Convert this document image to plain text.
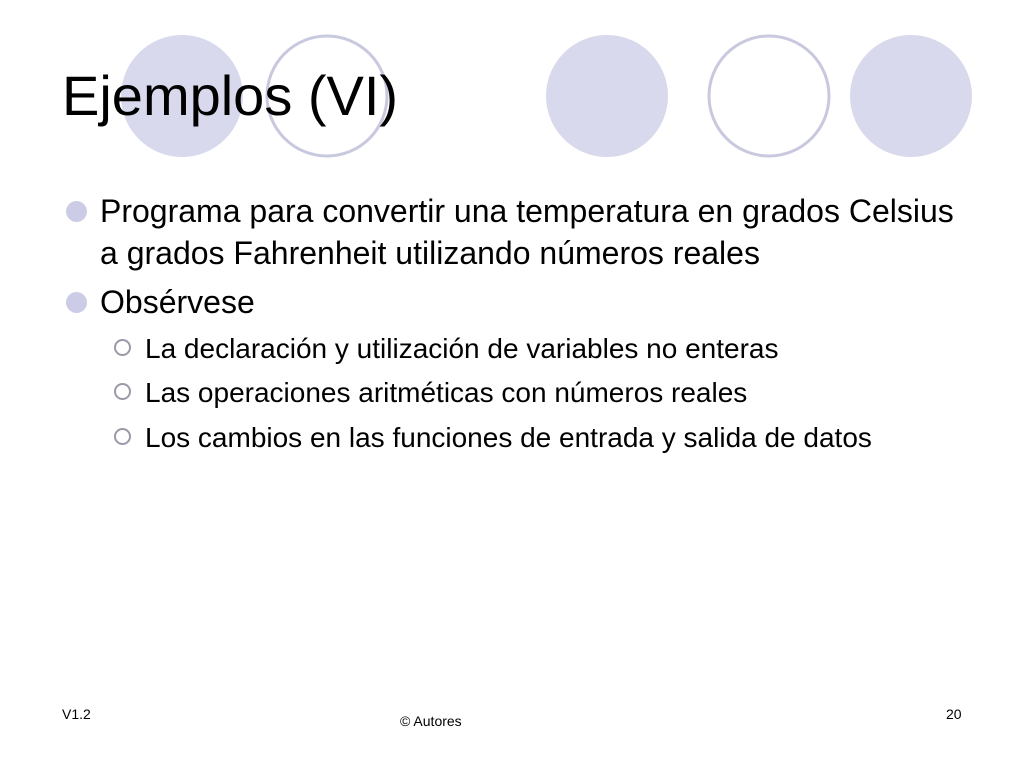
Ejemplos (VI)
Programa para convertir una temperatura en grados Celsius a grados Fahrenheit utilizando números reales
Obsérvese
La declaración y utilización de variables no enteras
Las operaciones aritméticas con números reales
Los cambios en las funciones de entrada y salida de datos
V1.2	© Autores	20
